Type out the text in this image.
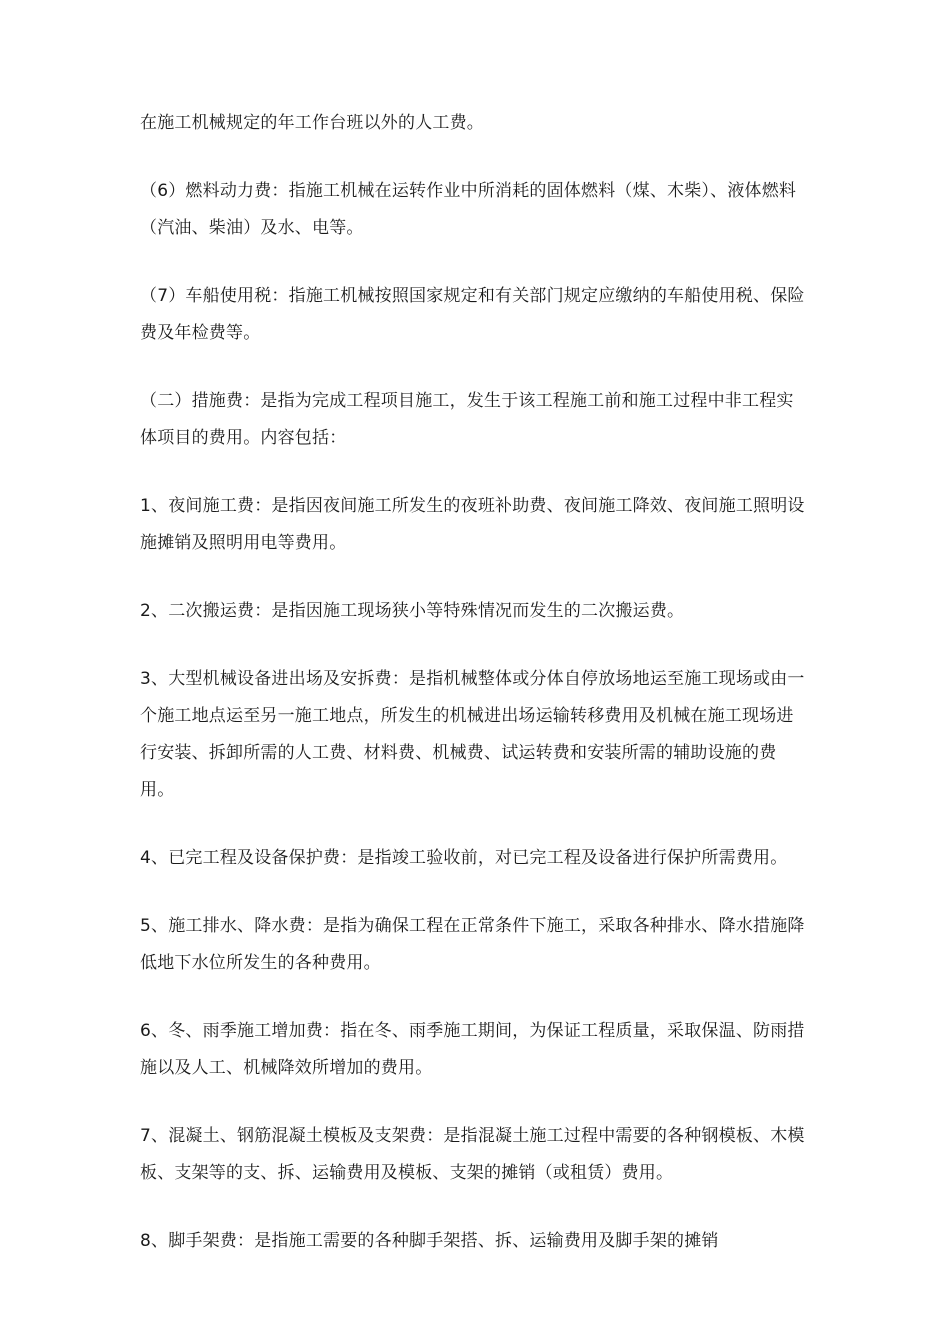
在施工机械规定的年工作台班以外的人工费。

（6）燃料动力费：指施工机械在运转作业中所消耗的固体燃料（煤、木柴）、液体燃料（汽油、柴油）及水、电等。

（7）车船使用税：指施工机械按照国家规定和有关部门规定应缴纳的车船使用税、保险费及年检费等。

（二）措施费：是指为完成工程项目施工，发生于该工程施工前和施工过程中非工程实体项目的费用。内容包括：

1、夜间施工费：是指因夜间施工所发生的夜班补助费、夜间施工降效、夜间施工照明设施摊销及照明用电等费用。

2、二次搬运费：是指因施工现场狭小等特殊情况而发生的二次搬运费。

3、大型机械设备进出场及安拆费：是指机械整体或分体自停放场地运至施工现场或由一个施工地点运至另一施工地点，所发生的机械进出场运输转移费用及机械在施工现场进行安装、拆卸所需的人工费、材料费、机械费、试运转费和安装所需的辅助设施的费用。

4、已完工程及设备保护费：是指竣工验收前，对已完工程及设备进行保护所需费用。

5、施工排水、降水费：是指为确保工程在正常条件下施工，采取各种排水、降水措施降低地下水位所发生的各种费用。

6、冬、雨季施工增加费：指在冬、雨季施工期间，为保证工程质量，采取保温、防雨措施以及人工、机械降效所增加的费用。

7、混凝土、钢筋混凝土模板及支架费：是指混凝土施工过程中需要的各种钢模板、木模板、支架等的支、拆、运输费用及模板、支架的摊销（或租赁）费用。

8、脚手架费：是指施工需要的各种脚手架搭、拆、运输费用及脚手架的摊销
